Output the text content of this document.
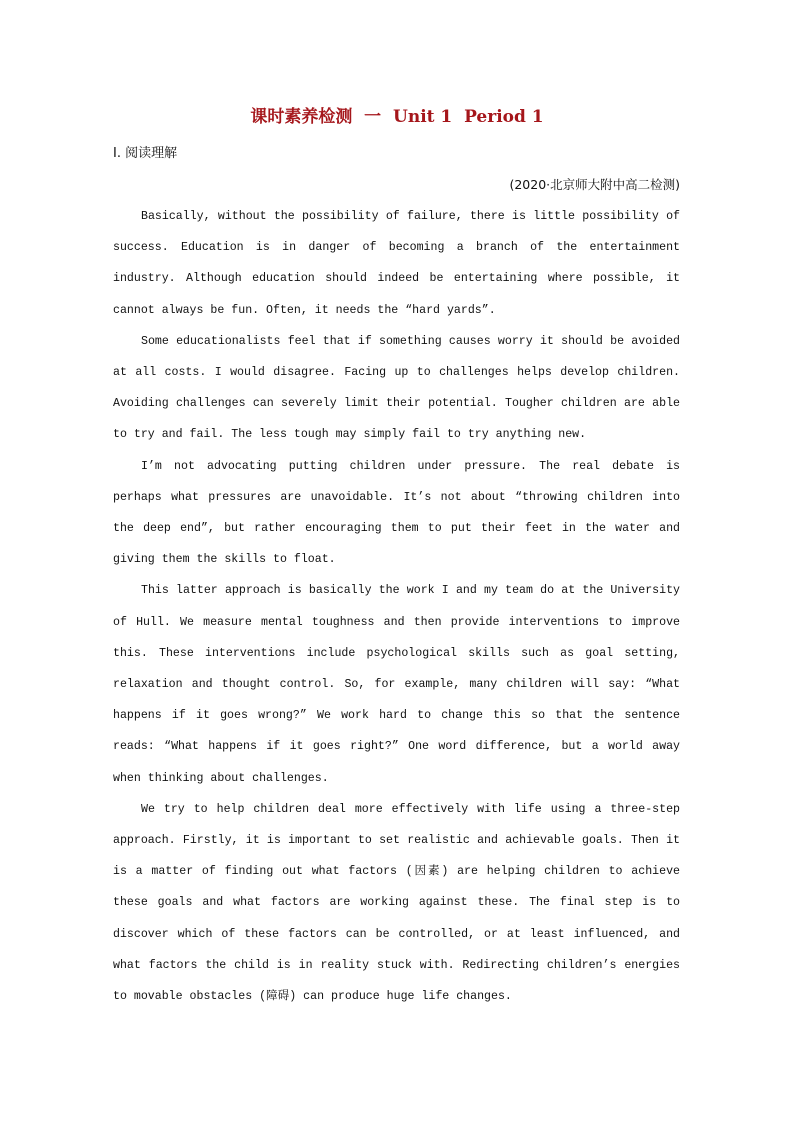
课时素养检测  一  Unit 1  Period 1
Ⅰ. 阅读理解
(2020·北京师大附中高二检测)

Basically, without the possibility of failure, there is little possibility of success. Education is in danger of becoming a branch of the entertainment industry. Although education should indeed be entertaining where possible, it cannot always be fun. Often, it needs the “hard yards”.

Some educationalists feel that if something causes worry it should be avoided at all costs. I would disagree. Facing up to challenges helps develop children. Avoiding challenges can severely limit their potential. Tougher children are able to try and fail. The less tough may simply fail to try anything new.

I’m not advocating putting children under pressure. The real debate is perhaps what pressures are unavoidable. It’s not about “throwing children into the deep end”, but rather encouraging them to put their feet in the water and giving them the skills to float.

This latter approach is basically the work I and my team do at the University of Hull. We measure mental toughness and then provide interventions to improve this. These interventions include psychological skills such as goal setting, relaxation and thought control. So, for example, many children will say: “What happens if it goes wrong?” We work hard to change this so that the sentence reads: “What happens if it goes right?” One word difference, but a world away when thinking about challenges.

We try to help children deal more effectively with life using a three-step approach. Firstly, it is important to set realistic and achievable goals. Then it is a matter of finding out what factors (因素) are helping children to achieve these goals and what factors are working against these. The final step is to discover which of these factors can be controlled, or at least influenced, and what factors the child is in reality stuck with. Redirecting children’s energies to movable obstacles (障碍) can produce huge life changes.
